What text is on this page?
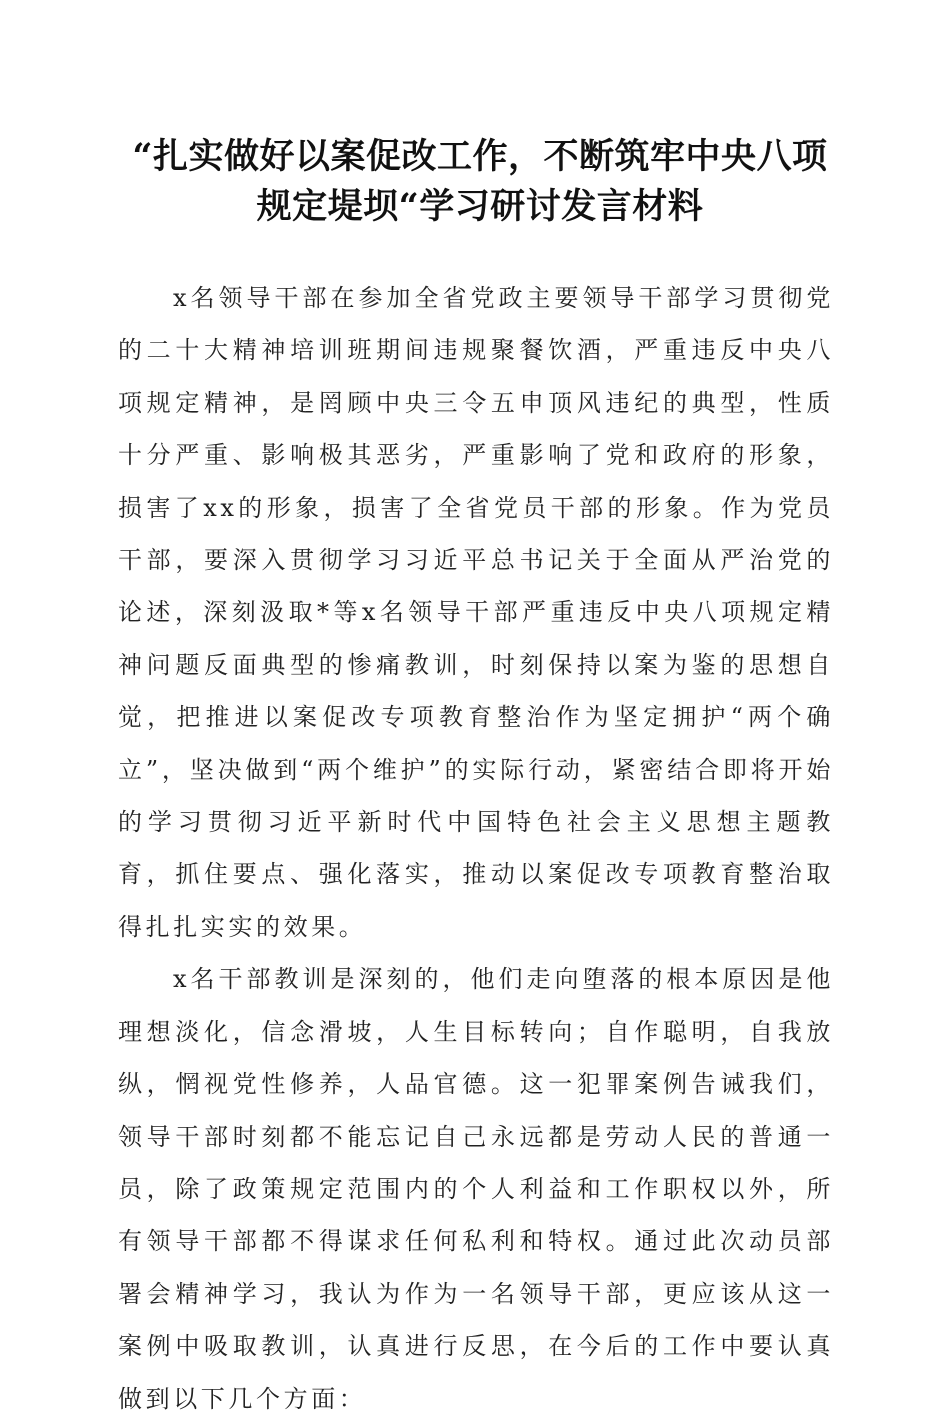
“扎实做好以案促改工作，不断筑牢中央八项
规定堤坝“学习研讨发言材料

x名领导干部在参加全省党政主要领导干部学习贯彻党的二十大精神培训班期间违规聚餐饮酒，严重违反中央八项规定精神，是罔顾中央三令五申顶风违纪的典型，性质十分严重、影响极其恶劣，严重影响了党和政府的形象，损害了xx的形象，损害了全省党员干部的形象。作为党员干部，要深入贯彻学习习近平总书记关于全面从严治党的论述，深刻汲取*等x名领导干部严重违反中央八项规定精神问题反面典型的惨痛教训，时刻保持以案为鉴的思想自觉，把推进以案促改专项教育整治作为坚定拥护“两个确立”，坚决做到“两个维护”的实际行动，紧密结合即将开始的学习贯彻习近平新时代中国特色社会主义思想主题教育，抓住要点、强化落实，推动以案促改专项教育整治取得扎扎实实的效果。

x名干部教训是深刻的，他们走向堕落的根本原因是他理想淡化，信念滑坡，人生目标转向；自作聪明，自我放纵，惘视党性修养，人品官德。这一犯罪案例告诫我们，领导干部时刻都不能忘记自己永远都是劳动人民的普通一员，除了政策规定范围内的个人利益和工作职权以外，所有领导干部都不得谋求任何私利和特权。通过此次动员部署会精神学习，我认为作为一名领导干部，更应该从这一案例中吸取教训，认真进行反思，在今后的工作中要认真做到以下几个方面：
